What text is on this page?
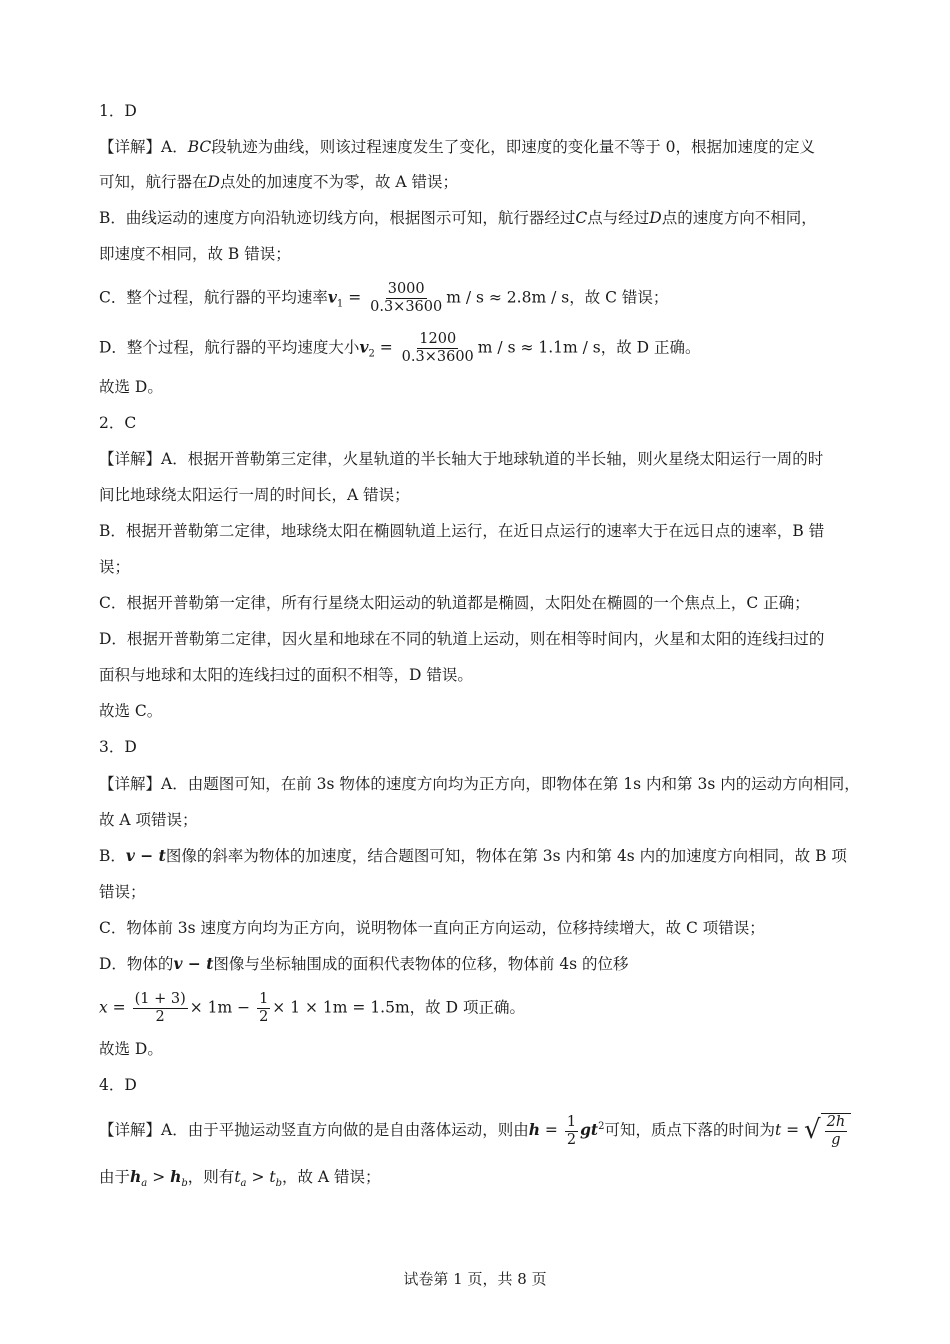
1．D
【详解】A．BC段轨迹为曲线，则该过程速度发生了变化，即速度的变化量不等于 0，根据加速度的定义
可知，航行器在D点处的加速度不为零，故 A 错误；
B．曲线运动的速度方向沿轨迹切线方向，根据图示可知，航行器经过C点与经过D点的速度方向不相同，
即速度不相同，故 B 错误；
C．整个过程，航行器的平均速率$v_1 = \frac{3000}{0.3\times 3600}$ m / s ≈ 2.8m / s，故 C 错误；
D．整个过程，航行器的平均速度大小$v_2 = \frac{1200}{0.3\times 3600}$ m / s ≈ 1.1m / s，故 D 正确。
故选 D。
2．C
【详解】A．根据开普勒第三定律，火星轨道的半长轴大于地球轨道的半长轴，则火星绕太阳运行一周的时
间比地球绕太阳运行一周的时间长，A 错误；
B．根据开普勒第二定律，地球绕太阳在椭圆轨道上运行，在近日点运行的速率大于在远日点的速率，B 错
误；
C．根据开普勒第一定律，所有行星绕太阳运动的轨道都是椭圆，太阳处在椭圆的一个焦点上，C 正确；
D．根据开普勒第二定律，因火星和地球在不同的轨道上运动，则在相等时间内，火星和太阳的连线扫过的
面积与地球和太阳的连线扫过的面积不相等，D 错误。
故选 C。
3．D
【详解】A．由题图可知，在前 3s 物体的速度方向均为正方向，即物体在第 1s 内和第 3s 内的运动方向相同，
故 A 项错误；
B．v − t图像的斜率为物体的加速度，结合题图可知，物体在第 3s 内和第 4s 内的加速度方向相同，故 B 项
错误；
C．物体前 3s 速度方向均为正方向，说明物体一直向正方向运动，位移持续增大，故 C 项错误；
D．物体的v − t图像与坐标轴围成的面积代表物体的位移，物体前 4s 的位移
$x = \frac{(1 + 3)}{2} \times 1m - \frac{1}{2} \times 1 \times 1m = 1.5m$，故 D 项正确。
故选 D。
4．D
【详解】A．由于平抛运动竖直方向做的是自由落体运动，则由$h = \frac{1}{2} gt^2$可知，质点下落的时间为t = √ $\frac{2h}{g}$
由于$h_a > h_b$，则有$t_a > t_b$，故 A 错误；
试卷第 1 页，共 8 页
